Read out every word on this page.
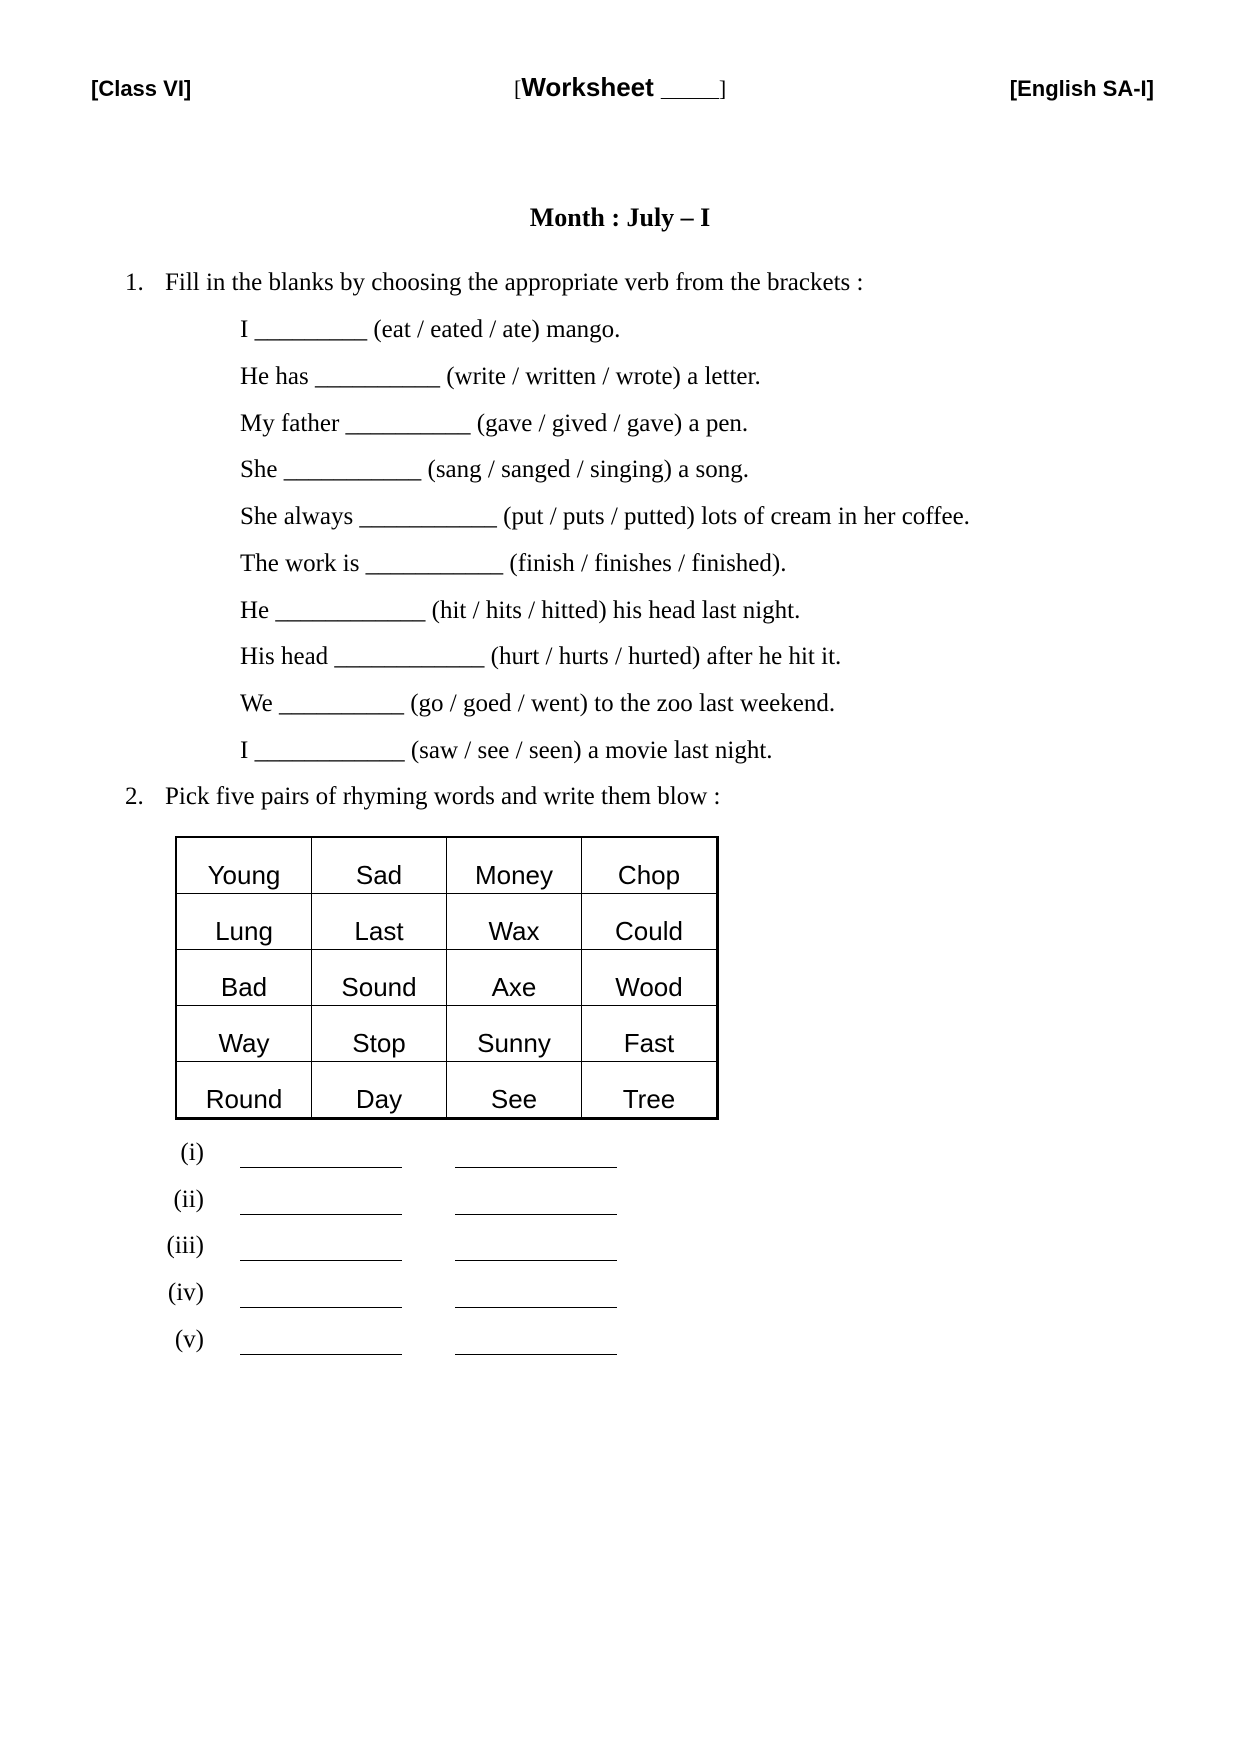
[Class VI]	[Worksheet ____]	[English SA-I]
Month : July – I
1. Fill in the blanks by choosing the appropriate verb from the brackets :
I _________ (eat / eated / ate) mango.
He has __________ (write / written / wrote) a letter.
My father __________ (gave / gived / gave) a pen.
She ___________ (sang / sanged / singing) a song.
She always ___________ (put / puts / putted) lots of cream in her coffee.
The work is ___________ (finish / finishes / finished).
He ____________ (hit / hits / hitted) his head last night.
His head ____________ (hurt / hurts / hurted) after he hit it.
We __________ (go / goed / went) to the zoo last weekend.
I ____________ (saw / see / seen) a movie last night.
2. Pick five pairs of rhyming words and write them blow :
Young	Sad	Money	Chop
Lung	Last	Wax	Could
Bad	Sound	Axe	Wood
Way	Stop	Sunny	Fast
Round	Day	See	Tree
(i)
(ii)
(iii)
(iv)
(v)
